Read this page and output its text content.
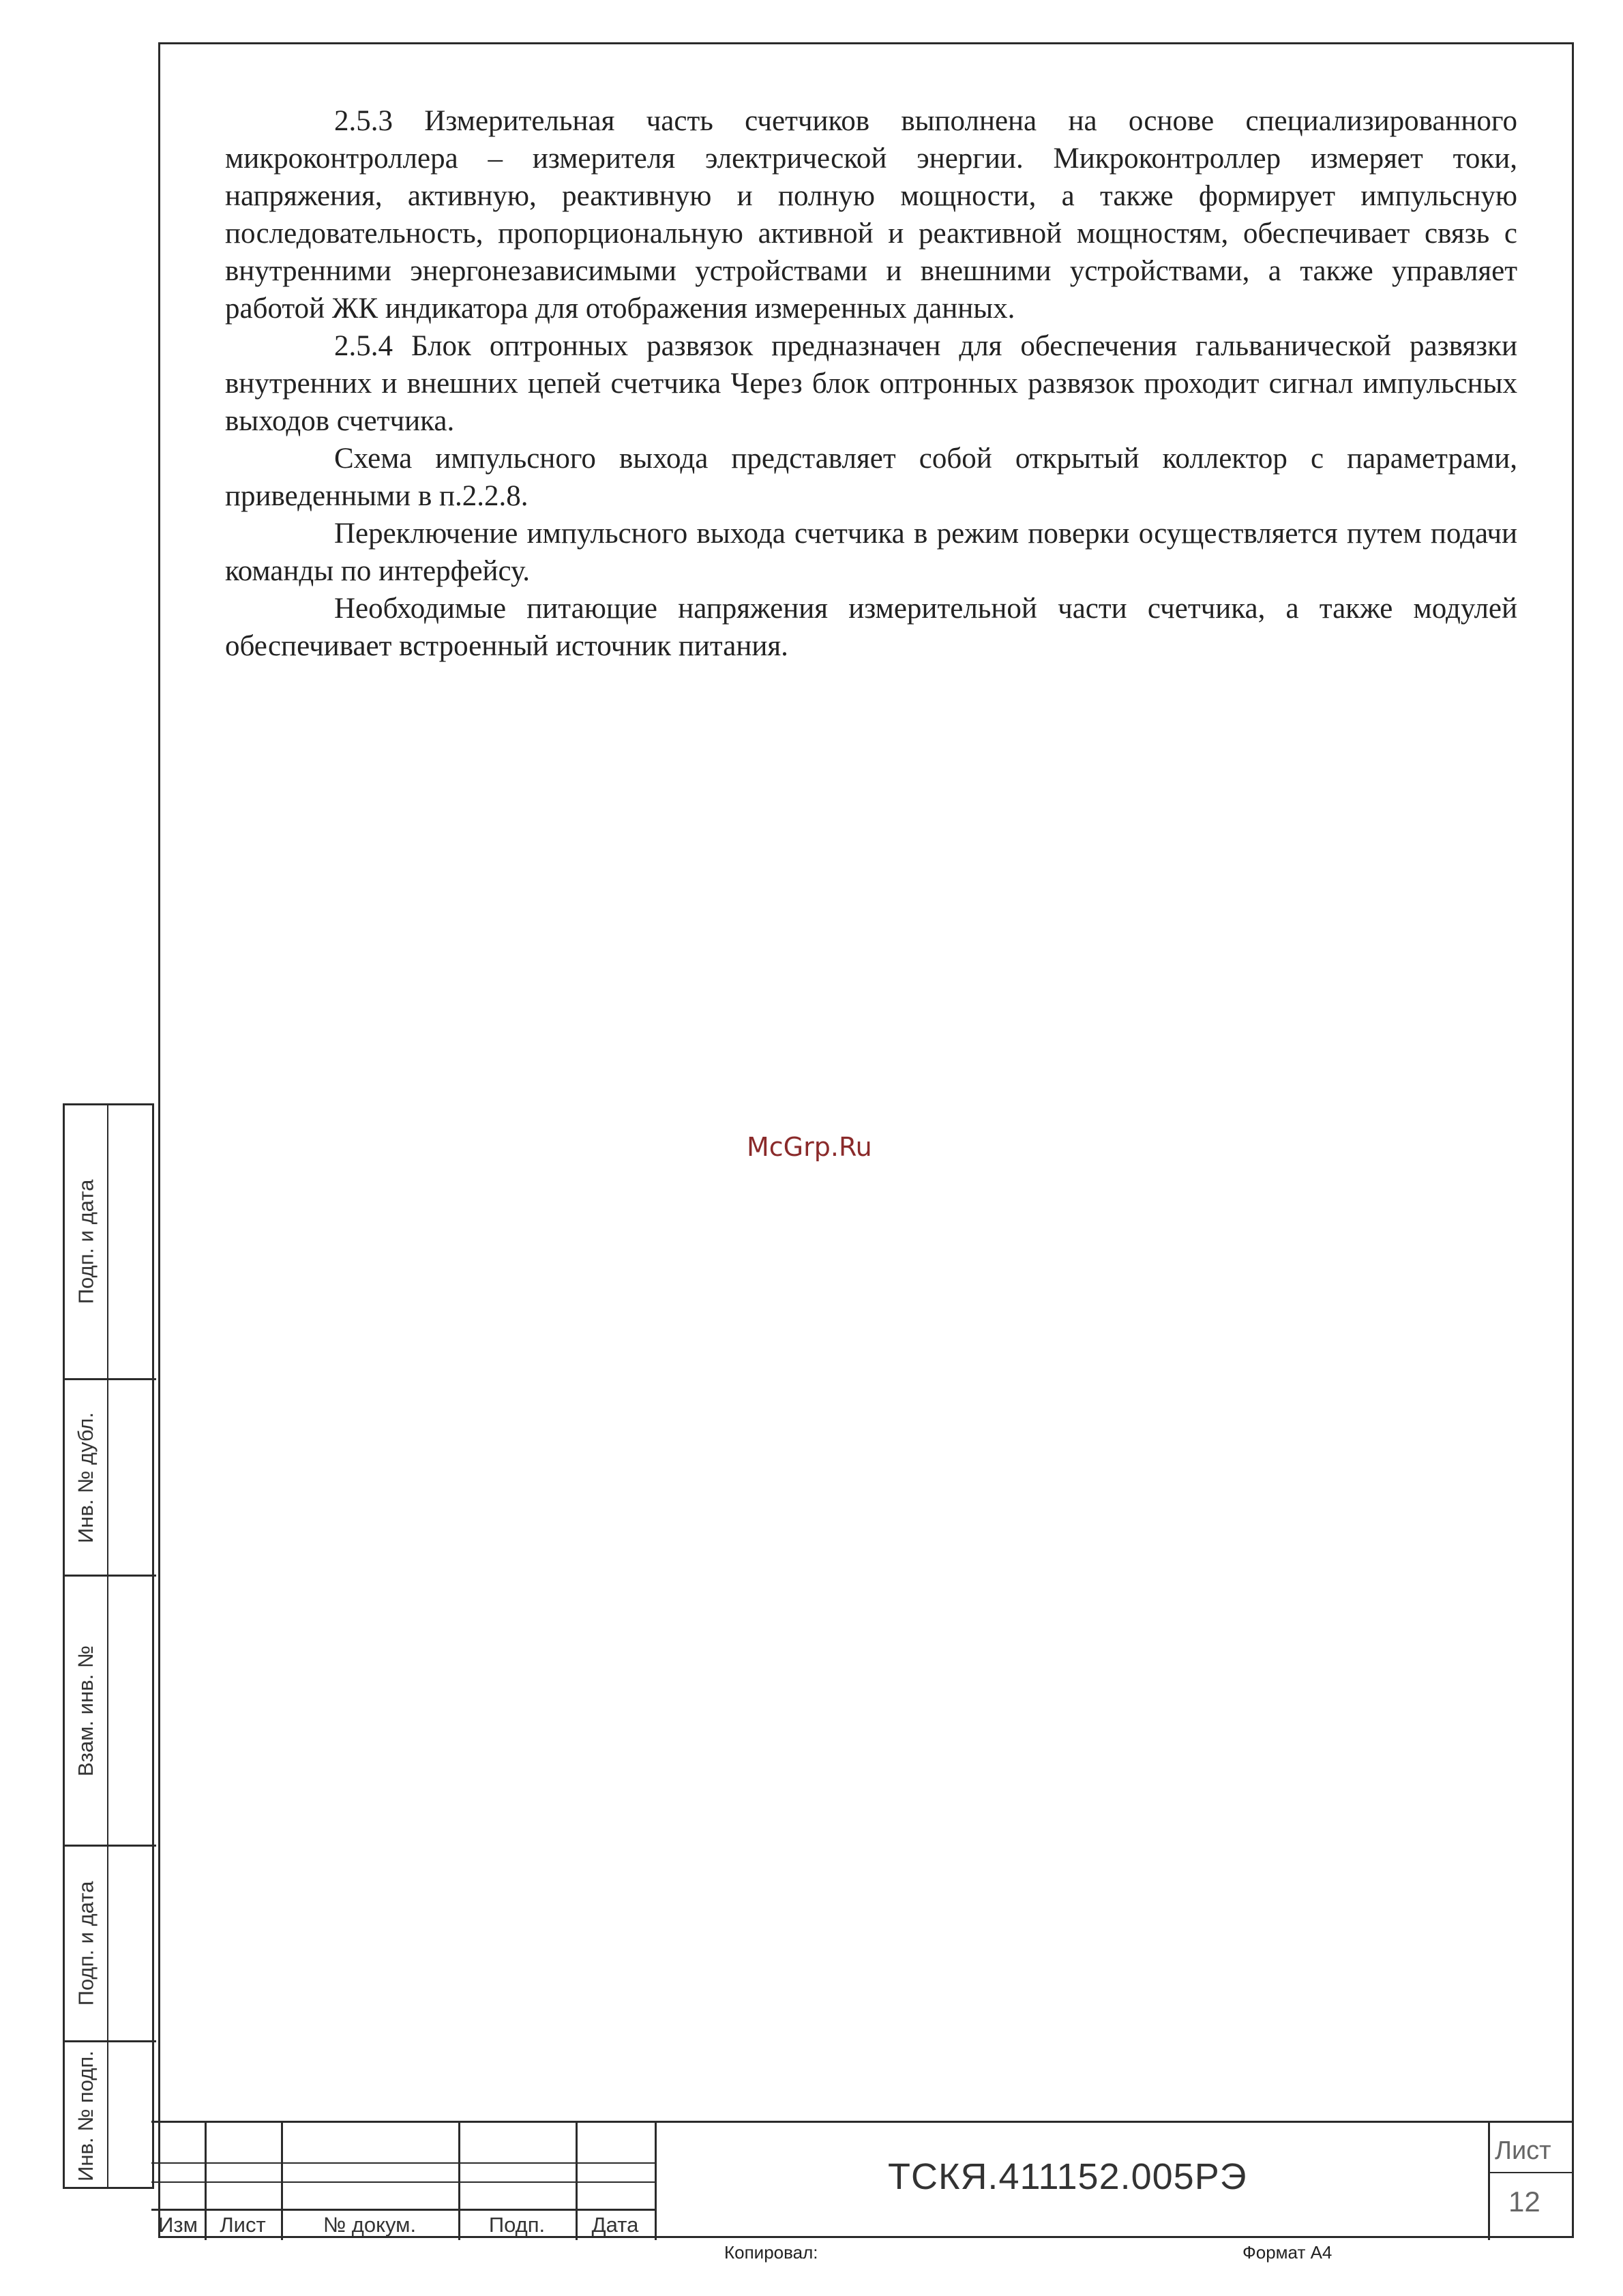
2.5.3 Измерительная часть счетчиков выполнена на основе специализированного микроконтроллера – измерителя электрической энергии. Микроконтроллер измеряет токи, напряжения, активную, реактивную и полную мощности, а также формирует импульсную последовательность, пропорциональную активной и реактивной мощностям, обеспечивает связь с внутренними энергонезависимыми устройствами и внешними устройствами, а также управляет работой ЖК индикатора для отображения измеренных данных.

2.5.4 Блок оптронных развязок предназначен для обеспечения гальванической развязки внутренних и внешних цепей счетчика Через блок оптронных развязок проходит сигнал импульсных выходов счетчика.

Схема импульсного выхода представляет собой открытый коллектор с параметрами, приведенными в п.2.2.8.

Переключение импульсного выхода счетчика в режим поверки осуществляется путем подачи команды по интерфейсу.

Необходимые питающие напряжения измерительной части счетчика, а также модулей обеспечивает встроенный источник питания.

McGrp.Ru
Подп. и дата
Инв. № дубл.
Взам. инв. №
Подп. и дата
Инв. № подп.
Изм	Лист	№ докум.	Подп.	Дата
ТСКЯ.411152.005РЭ
Лист
12
Копировал:	Формат А4
